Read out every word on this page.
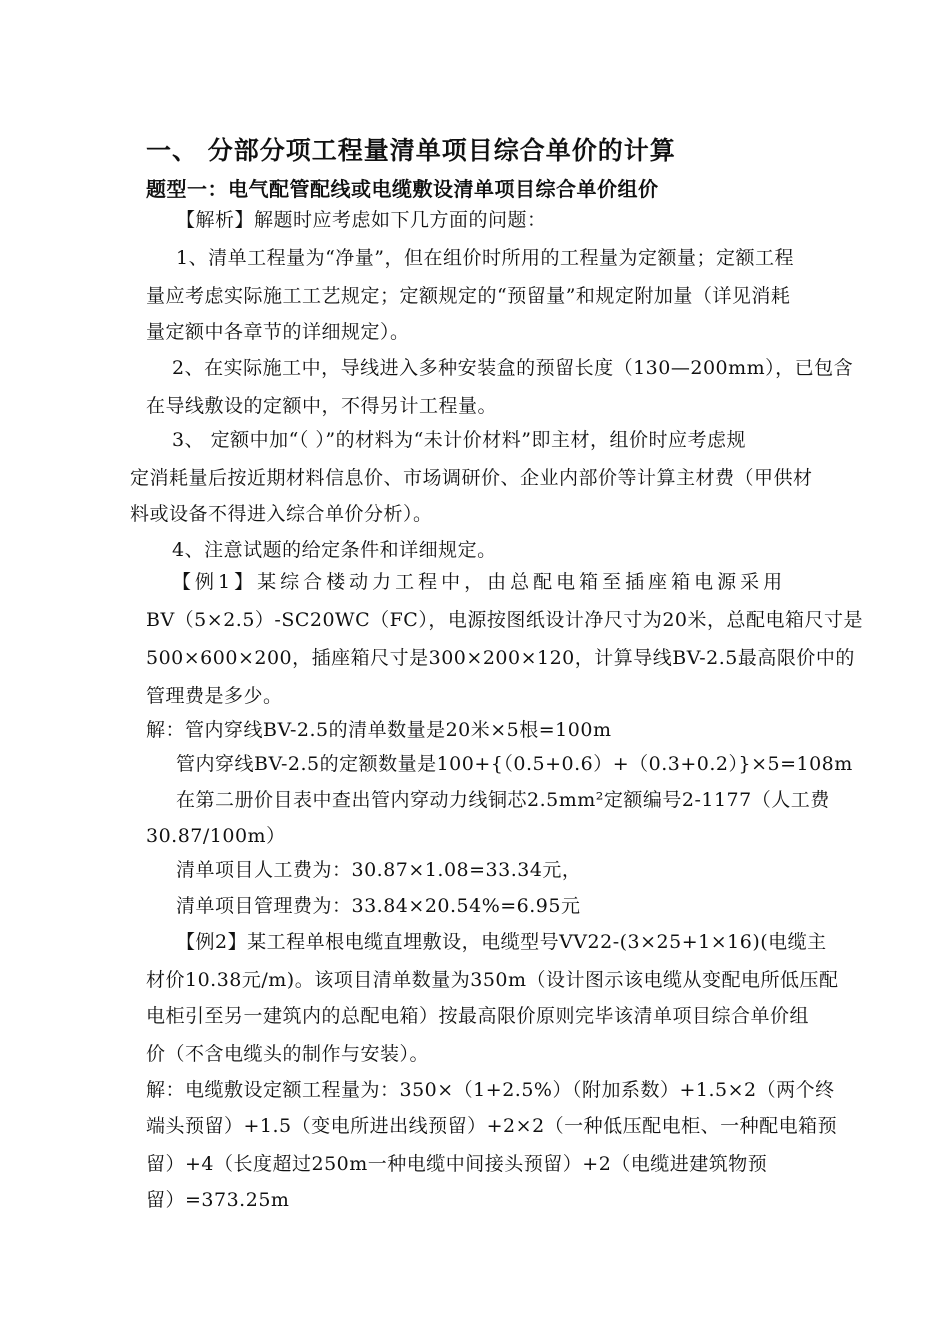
一、 分部分项工程量清单项目综合单价的计算
题型一：电气配管配线或电缆敷设清单项目综合单价组价
【解析】解题时应考虑如下几方面的问题：
1、清单工程量为“净量”，但在组价时所用的工程量为定额量；定额工程
量应考虑实际施工工艺规定；定额规定的“预留量”和规定附加量（详见消耗
量定额中各章节的详细规定）。
2、在实际施工中，导线进入多种安装盒的预留长度（130—200mm），已包含
在导线敷设的定额中，不得另计工程量。
3、 定额中加“（ ）”的材料为“未计价材料”即主材，组价时应考虑规
定消耗量后按近期材料信息价、市场调研价、企业内部价等计算主材费（甲供材
料或设备不得进入综合单价分析）。
4、注意试题的给定条件和详细规定。
【例1】某综合楼动力工程中，由总配电箱至插座箱电源采用
BV（5×2.5）-SC20WC（FC），电源按图纸设计净尺寸为20米，总配电箱尺寸是
500×600×200，插座箱尺寸是300×200×120，计算导线BV-2.5最高限价中的
管理费是多少。
解：管内穿线BV-2.5的清单数量是20米×5根=100m
管内穿线BV-2.5的定额数量是100+{（0.5+0.6）+（0.3+0.2）}×5=108m
在第二册价目表中查出管内穿动力线铜芯2.5mm²定额编号2-1177（人工费
30.87/100m）
清单项目人工费为：30.87×1.08=33.34元，
清单项目管理费为：33.84×20.54%=6.95元
【例2】某工程单根电缆直埋敷设，电缆型号VV22-(3×25+1×16)(电缆主
材价10.38元/m)。该项目清单数量为350m（设计图示该电缆从变配电所低压配
电柜引至另一建筑内的总配电箱）按最高限价原则完毕该清单项目综合单价组
价（不含电缆头的制作与安装）。
解：电缆敷设定额工程量为：350×（1+2.5%）（附加系数）+1.5×2（两个终
端头预留）+1.5（变电所进出线预留）+2×2（一种低压配电柜、一种配电箱预
留）+4（长度超过250m一种电缆中间接头预留）+2（电缆进建筑物预
留）=373.25m
